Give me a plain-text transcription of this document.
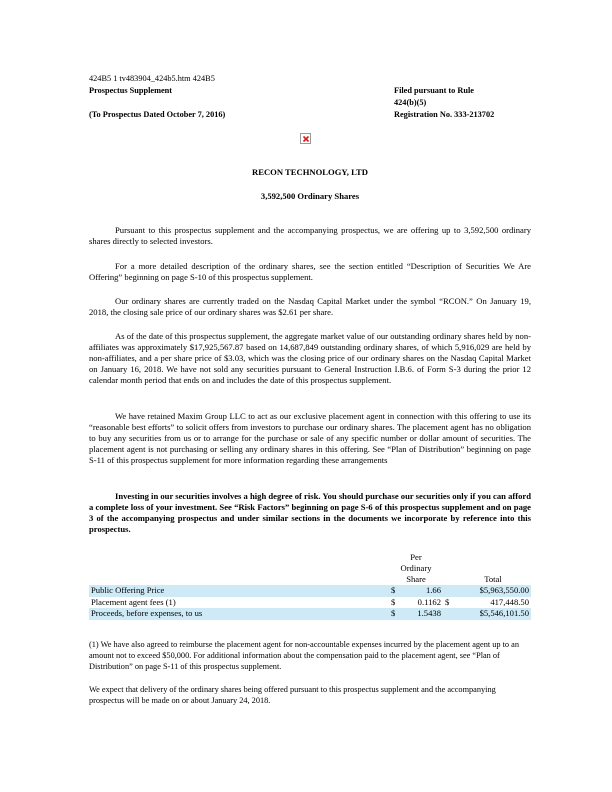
424B5 1 tv483904_424b5.htm 424B5
Prospectus Supplement
(To Prospectus Dated October 7, 2016)
Filed pursuant to Rule
424(b)(5)
Registration No. 333-213702
RECON TECHNOLOGY, LTD
3,592,500 Ordinary Shares
Pursuant to this prospectus supplement and the accompanying prospectus, we are offering up to 3,592,500 ordinary shares directly to selected investors.
For a more detailed description of the ordinary shares, see the section entitled “Description of Securities We Are Offering” beginning on page S-10 of this prospectus supplement.
Our ordinary shares are currently traded on the Nasdaq Capital Market under the symbol “RCON.” On January 19, 2018, the closing sale price of our ordinary shares was $2.61 per share.
As of the date of this prospectus supplement, the aggregate market value of our outstanding ordinary shares held by non-affiliates was approximately $17,925,567.87 based on 14,687,849 outstanding ordinary shares, of which 5,916,029 are held by non-affiliates, and a per share price of $3.03, which was the closing price of our ordinary shares on the Nasdaq Capital Market on January 16, 2018. We have not sold any securities pursuant to General Instruction I.B.6. of Form S-3 during the prior 12 calendar month period that ends on and includes the date of this prospectus supplement.
We have retained Maxim Group LLC to act as our exclusive placement agent in connection with this offering to use its “reasonable best efforts” to solicit offers from investors to purchase our ordinary shares. The placement agent has no obligation to buy any securities from us or to arrange for the purchase or sale of any specific number or dollar amount of securities. The placement agent is not purchasing or selling any ordinary shares in this offering. See “Plan of Distribution” beginning on page S-11 of this prospectus supplement for more information regarding these arrangements
Investing in our securities involves a high degree of risk. You should purchase our securities only if you can afford a complete loss of your investment. See “Risk Factors” beginning on page S-6 of this prospectus supplement and on page 3 of the accompanying prospectus and under similar sections in the documents we incorporate by reference into this prospectus.

	Per
Ordinary
Share			Total
Public Offering Price	$	1.66		$5,963,550.00
Placement agent fees (1)	$	0.1162	$	417,448.50
Proceeds, before expenses, to us	$	1.5438		$5,546,101.50
(1) We have also agreed to reimburse the placement agent for non-accountable expenses incurred by the placement agent up to an amount not to exceed $50,000. For additional information about the compensation paid to the placement agent, see “Plan of Distribution” on page S-11 of this prospectus supplement.
We expect that delivery of the ordinary shares being offered pursuant to this prospectus supplement and the accompanying prospectus will be made on or about January 24, 2018.
